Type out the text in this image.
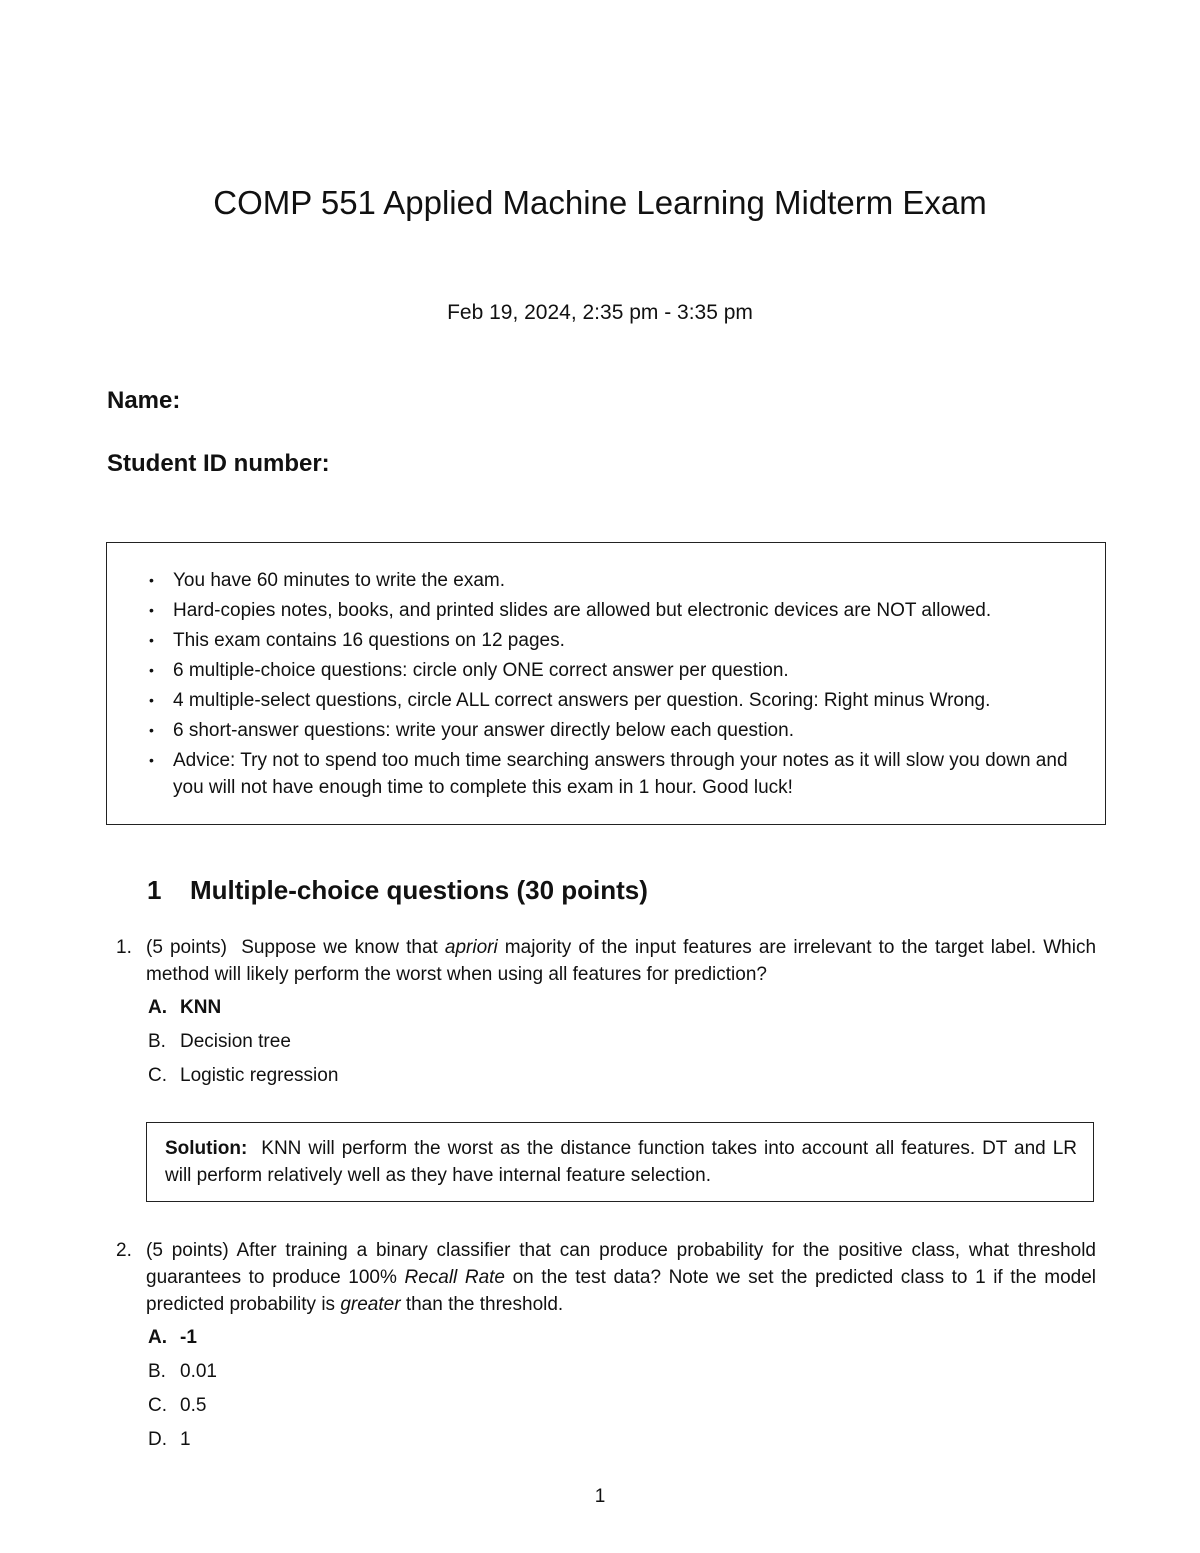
COMP 551 Applied Machine Learning Midterm Exam
Feb 19, 2024, 2:35 pm - 3:35 pm
Name:
Student ID number:
• You have 60 minutes to write the exam.
• Hard-copies notes, books, and printed slides are allowed but electronic devices are NOT allowed.
• This exam contains 16 questions on 12 pages.
• 6 multiple-choice questions: circle only ONE correct answer per question.
• 4 multiple-select questions, circle ALL correct answers per question. Scoring: Right minus Wrong.
• 6 short-answer questions: write your answer directly below each question.
• Advice: Try not to spend too much time searching answers through your notes as it will slow you down and you will not have enough time to complete this exam in 1 hour. Good luck!
1 Multiple-choice questions (30 points)
1. (5 points) Suppose we know that apriori majority of the input features are irrelevant to the target label. Which method will likely perform the worst when using all features for prediction?
A. KNN
B. Decision tree
C. Logistic regression
Solution: KNN will perform the worst as the distance function takes into account all features. DT and LR will perform relatively well as they have internal feature selection.
2. (5 points) After training a binary classifier that can produce probability for the positive class, what threshold guarantees to produce 100% Recall Rate on the test data? Note we set the predicted class to 1 if the model predicted probability is greater than the threshold.
A. -1
B. 0.01
C. 0.5
D. 1
1
